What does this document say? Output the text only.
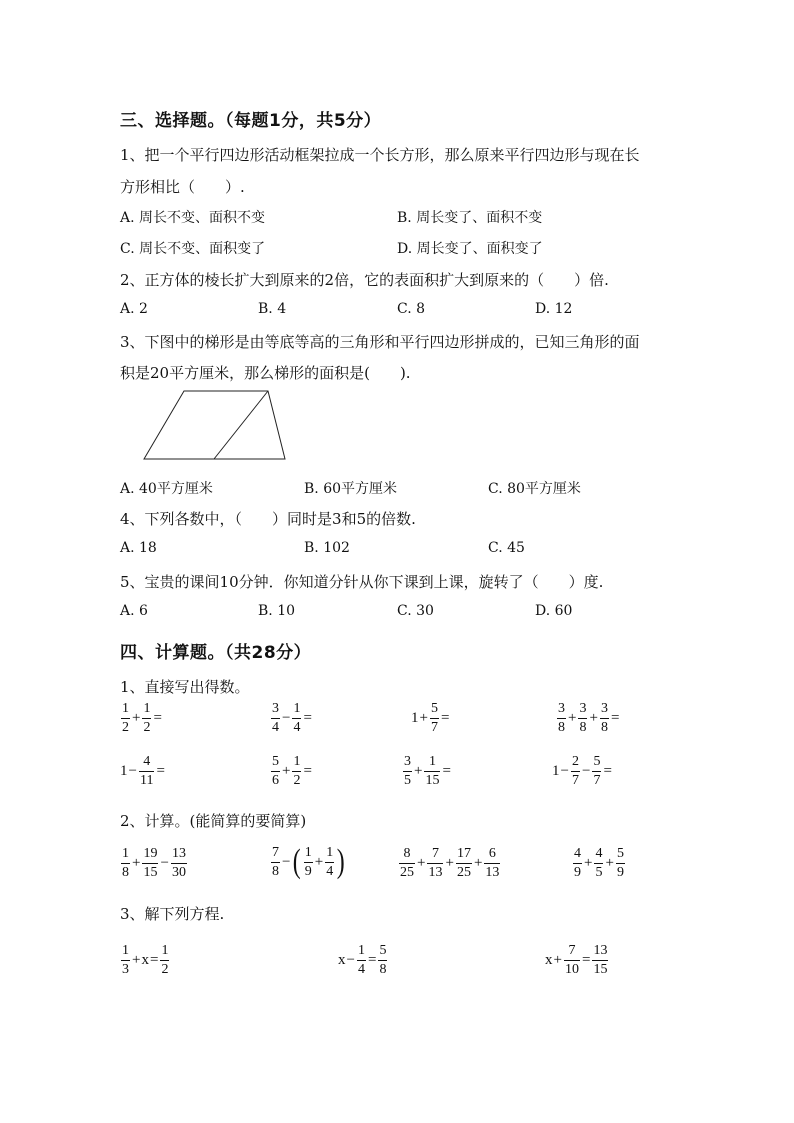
三、选择题。（每题1分，共5分）
1、把一个平行四边形活动框架拉成一个长方形，那么原来平行四边形与现在长
方形相比（　　）.
A. 周长不变、面积不变	B. 周长变了、面积不变
C. 周长不变、面积变了	D. 周长变了、面积变了
2、正方体的棱长扩大到原来的2倍，它的表面积扩大到原来的（　　）倍.
A. 2	B. 4	C. 8	D. 12
3、下图中的梯形是由等底等高的三角形和平行四边形拼成的，已知三角形的面
积是20平方厘米，那么梯形的面积是(　　).
A. 40平方厘米	B. 60平方厘米	C. 80平方厘米
4、下列各数中，（　　）同时是3和5的倍数.
A. 18	B. 102	C. 45
5、宝贵的课间10分钟．你知道分针从你下课到上课，旋转了（　　）度.
A. 6	B. 10	C. 30	D. 60
四、计算题。（共28分）
1、直接写出得数。
$\frac{1}{2} + \frac{1}{2}$ =	$\frac{3}{4} - \frac{1}{4}$ =	$1 + \frac{5}{7}$ =	$\frac{3}{8} + \frac{3}{8} + \frac{3}{8}$ =
$1 - \frac{4}{11}$ =	$\frac{5}{6} + \frac{1}{2}$ =	$\frac{3}{5} + \frac{1}{15}$ =	$1 - \frac{2}{7} - \frac{5}{7}$ =
2、计算。(能简算的要简算)
$\frac{1}{8} + \frac{19}{15} - \frac{13}{30}$	$\frac{7}{8}$ − ( $\frac{1}{9} + \frac{1}{4}$ )	$\frac{8}{25} + \frac{7}{13} + \frac{17}{25} + \frac{6}{13}$	$\frac{4}{9} + \frac{4}{5} + \frac{5}{9}$
3、解下列方程.
$\frac{1}{3} + x = \frac{1}{2}$	$x - \frac{1}{4} = \frac{5}{8}$	$x + \frac{7}{10} = \frac{13}{15}$
